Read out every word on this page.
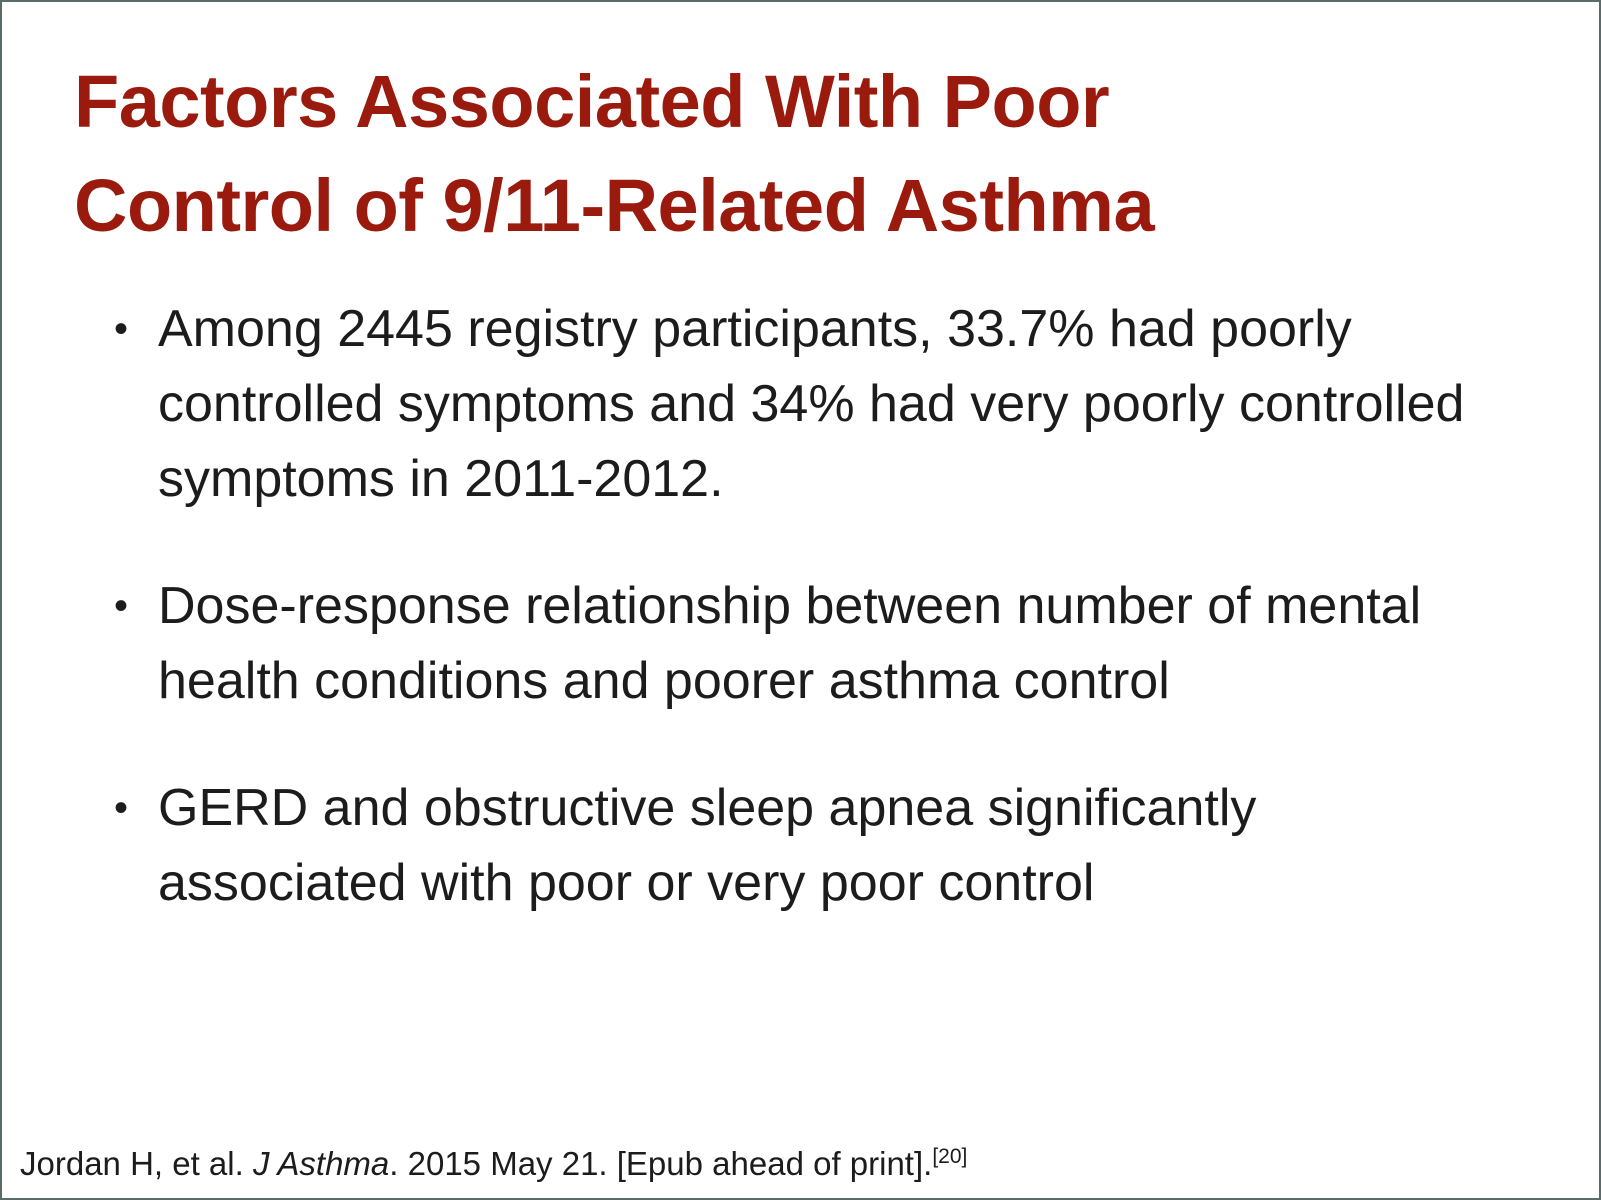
Factors Associated With Poor
Control of 9/11-Related Asthma
• Among 2445 registry participants, 33.7% had poorly controlled symptoms and 34% had very poorly controlled symptoms in 2011-2012.
• Dose-response relationship between number of mental health conditions and poorer asthma control
• GERD and obstructive sleep apnea significantly associated with poor or very poor control
Jordan H, et al. J Asthma. 2015 May 21. [Epub ahead of print].[20]
